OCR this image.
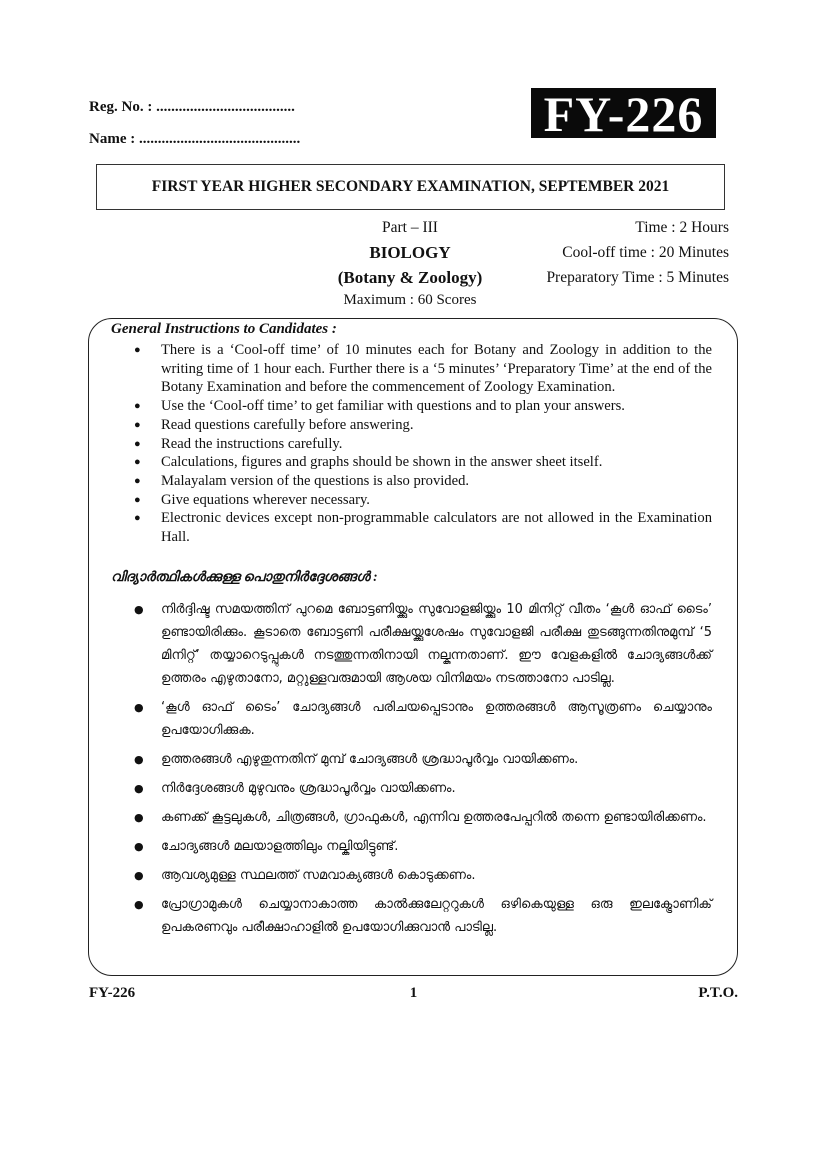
Reg. No. : .....................................
Name : ...........................................	FY-226
FIRST YEAR HIGHER SECONDARY EXAMINATION, SEPTEMBER 2021
Part – III
BIOLOGY
(Botany & Zoology)
Maximum : 60 Scores
Time : 2 Hours
Cool-off time : 20 Minutes
Preparatory Time : 5 Minutes
General Instructions to Candidates :
● There is a ‘Cool-off time’ of 10 minutes each for Botany and Zoology in addition to the writing time of 1 hour each. Further there is a ‘5 minutes’ ‘Preparatory Time’ at the end of the Botany Examination and before the commencement of Zoology Examination.
● Use the ‘Cool-off time’ to get familiar with questions and to plan your answers.
● Read questions carefully before answering.
● Read the instructions carefully.
● Calculations, figures and graphs should be shown in the answer sheet itself.
● Malayalam version of the questions is also provided.
● Give equations wherever necessary.
● Electronic devices except non-programmable calculators are not allowed in the Examination Hall.
വിദ്യാർത്ഥികൾക്കുള്ള പൊതുനിർദ്ദേശങ്ങൾ :
● നിർദ്ദിഷ്ട സമയത്തിന് പുറമെ ബോട്ടണിയ്ക്കും സുവോളജിയ്ക്കും 10 മിനിറ്റ് വീതം ‘കൂൾ ഓഫ് ടൈം’ ഉണ്ടായിരിക്കും. കൂടാതെ ബോട്ടണി പരീക്ഷയ്ക്കുശേഷം സുവോളജി പരീക്ഷ തുടങ്ങുന്നതിനുമുമ്പ് ‘5 മിനിറ്റ്’ തയ്യാറെടുപ്പുകൾ നടത്തുന്നതിനായി നല്കുന്നതാണ്. ഈ വേളകളിൽ ചോദ്യങ്ങൾക്ക് ഉത്തരം എഴുതാനോ, മറ്റുള്ളവരുമായി ആശയ വിനിമയം നടത്താനോ പാടില്ല.
● ‘കൂൾ ഓഫ് ടൈം’ ചോദ്യങ്ങൾ പരിചയപ്പെടാനും ഉത്തരങ്ങൾ ആസൂത്രണം ചെയ്യാനും ഉപയോഗിക്കുക.
● ഉത്തരങ്ങൾ എഴുതുന്നതിന് മുമ്പ് ചോദ്യങ്ങൾ ശ്രദ്ധാപൂർവ്വം വായിക്കണം.
● നിർദ്ദേശങ്ങൾ മുഴുവനും ശ്രദ്ധാപൂർവ്വം വായിക്കണം.
● കണക്ക് കൂട്ടലുകൾ, ചിത്രങ്ങൾ, ഗ്രാഫുകൾ, എന്നിവ ഉത്തരപേപ്പറിൽ തന്നെ ഉണ്ടായിരിക്കണം.
● ചോദ്യങ്ങൾ മലയാളത്തിലും നല്കിയിട്ടുണ്ട്.
● ആവശ്യമുള്ള സ്ഥലത്ത് സമവാക്യങ്ങൾ കൊടുക്കണം.
● പ്രോഗ്രാമുകൾ ചെയ്യാനാകാത്ത കാൽക്കുലേറ്ററുകൾ ഒഴികെയുള്ള ഒരു ഇലക്ട്രോണിക് ഉപകരണവും പരീക്ഷാഹാളിൽ ഉപയോഗിക്കുവാൻ പാടില്ല.
FY-226	1	P.T.O.
